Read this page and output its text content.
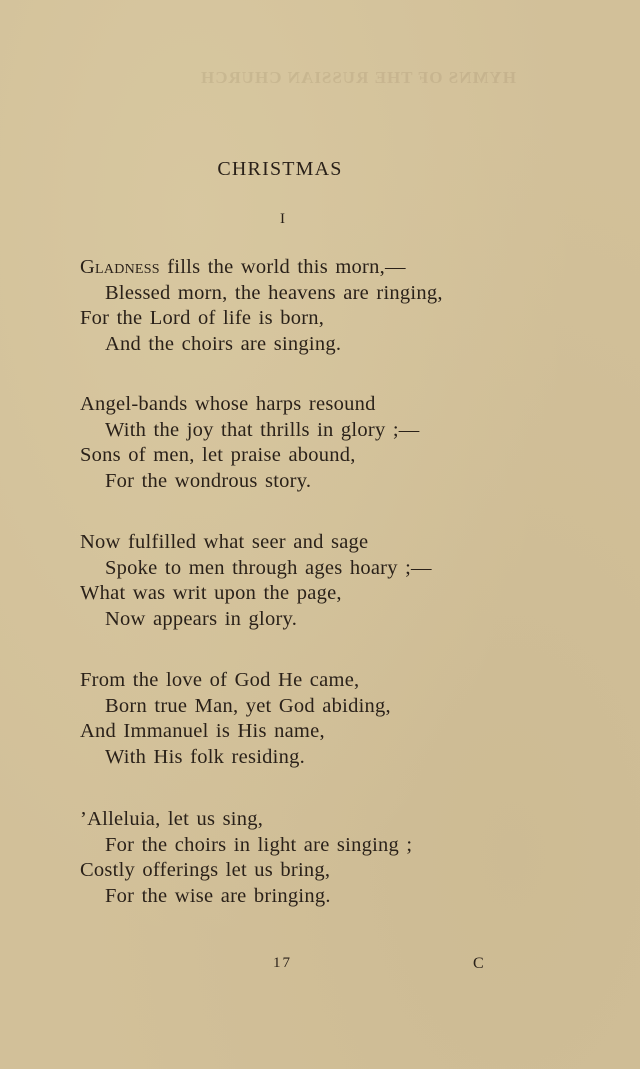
HYMNS OF THE RUSSIAN CHURCH
CHRISTMAS
I
Gladness fills the world this morn,—
Blessed morn, the heavens are ringing,
For the Lord of life is born,
And the choirs are singing.
Angel-bands whose harps resound
With the joy that thrills in glory ;—
Sons of men, let praise abound,
For the wondrous story.
Now fulfilled what seer and sage
Spoke to men through ages hoary ;—
What was writ upon the page,
Now appears in glory.
From the love of God He came,
Born true Man, yet God abiding,
And Immanuel is His name,
With His folk residing.
’Alleluia, let us sing,
For the choirs in light are singing ;
Costly offerings let us bring,
For the wise are bringing.
17	C
